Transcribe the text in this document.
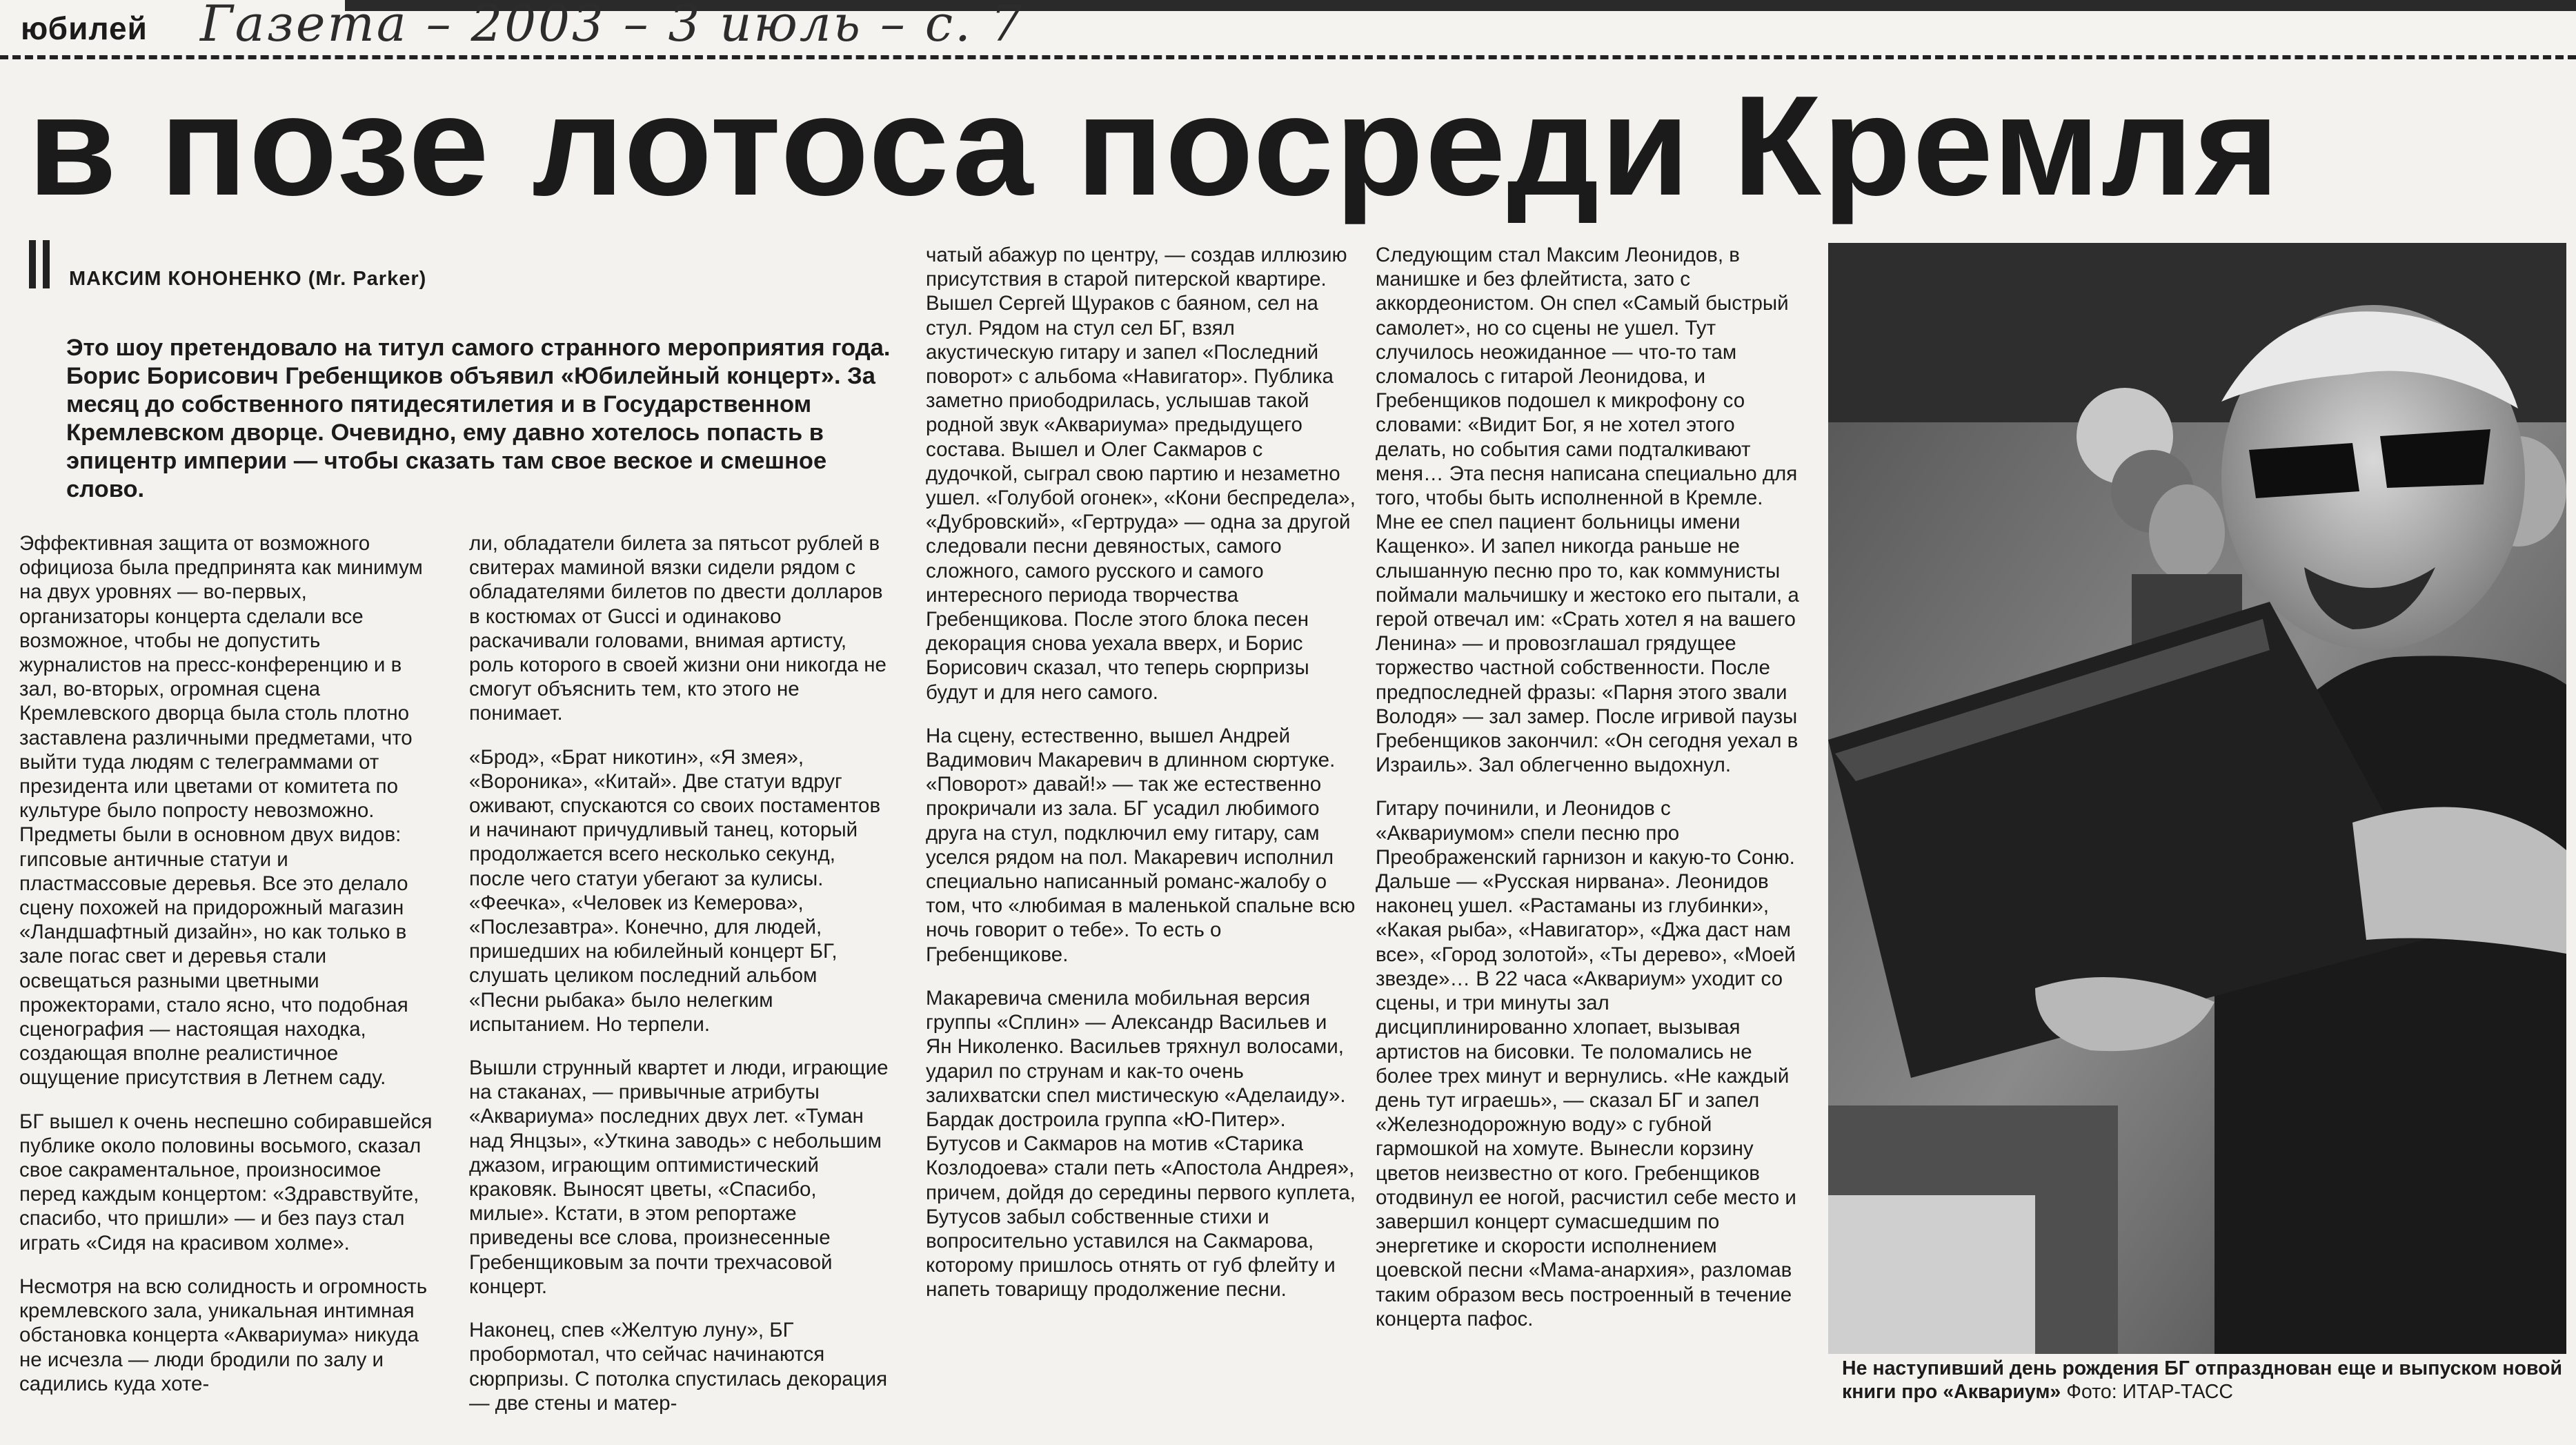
юбилей Газета – 2003 – 3 июль – с. 7
в позе лотоса посреди Кремля
МАКСИМ КОНОНЕНКО (Mr. Parker)
Это шоу претендовало на титул самого странного мероприятия года. Борис Борисович Гребенщиков объявил «Юбилейный концерт». За месяц до собственного пятидесятилетия и в Государственном Кремлевском дворце. Очевидно, ему давно хотелось попасть в эпицентр империи — чтобы сказать там свое веское и смешное слово.

Эффективная защита от возможного официоза была предпринята как минимум на двух уровнях — во-первых, организаторы концерта сделали все возможное, чтобы не допустить журналистов на пресс-конференцию и в зал, во-вторых, огромная сцена Кремлевского дворца была столь плотно заставлена различными предметами, что выйти туда людям с телеграммами от президента или цветами от комитета по культуре было попросту невозможно. Предметы были в основном двух видов: гипсовые античные статуи и пластмассовые деревья. Все это делало сцену похожей на придорожный магазин «Ландшафтный дизайн», но как только в зале погас свет и деревья стали освещаться разными цветными прожекторами, стало ясно, что подобная сценография — настоящая находка, создающая вполне реалистичное ощущение присутствия в Летнем саду.

БГ вышел к очень неспешно собиравшейся публике около половины восьмого, сказал свое сакраментальное, произносимое перед каждым концертом: «Здравствуйте, спасибо, что пришли» — и без пауз стал играть «Сидя на красивом холме».

Несмотря на всю солидность и огромность кремлевского зала, уникальная интимная обстановка концерта «Аквариума» никуда не исчезла — люди бродили по залу и садились куда хоте-

ли, обладатели билета за пятьсот рублей в свитерах маминой вязки сидели рядом с обладателями билетов по двести долларов в костюмах от Gucci и одинаково раскачивали головами, внимая артисту, роль которого в своей жизни они никогда не смогут объяснить тем, кто этого не понимает.

«Брод», «Брат никотин», «Я змея», «Вороника», «Китай». Две статуи вдруг оживают, спускаются со своих постаментов и начинают причудливый танец, который продолжается всего несколько секунд, после чего статуи убегают за кулисы. «Феечка», «Человек из Кемерова», «Послезавтра». Конечно, для людей, пришедших на юбилейный концерт БГ, слушать целиком последний альбом «Песни рыбака» было нелегким испытанием. Но терпели.

Вышли струнный квартет и люди, играющие на стаканах, — привычные атрибуты «Аквариума» последних двух лет. «Туман над Янцзы», «Уткина заводь» с небольшим джазом, играющим оптимистический краковяк. Выносят цветы, «Спасибо, милые». Кстати, в этом репортаже приведены все слова, произнесенные Гребенщиковым за почти трехчасовой концерт.

Наконец, спев «Желтую луну», БГ пробормотал, что сейчас начинаются сюрпризы. С потолка спустилась декорация — две стены и матер-

чатый абажур по центру, — создав иллюзию присутствия в старой питерской квартире. Вышел Сергей Щураков с баяном, сел на стул. Рядом на стул сел БГ, взял акустическую гитару и запел «Последний поворот» с альбома «Навигатор». Публика заметно приободрилась, услышав такой родной звук «Аквариума» предыдущего состава. Вышел и Олег Сакмаров с дудочкой, сыграл свою партию и незаметно ушел. «Голубой огонек», «Кони беспредела», «Дубровский», «Гертруда» — одна за другой следовали песни девяностых, самого сложного, самого русского и самого интересного периода творчества Гребенщикова. После этого блока песен декорация снова уехала вверх, и Борис Борисович сказал, что теперь сюрпризы будут и для него самого.

На сцену, естественно, вышел Андрей Вадимович Макаревич в длинном сюртуке. «Поворот» давай!» — так же естественно прокричали из зала. БГ усадил любимого друга на стул, подключил ему гитару, сам уселся рядом на пол. Макаревич исполнил специально написанный романс-жалобу о том, что «любимая в маленькой спальне всю ночь говорит о тебе». То есть о Гребенщикове.

Макаревича сменила мобильная версия группы «Сплин» — Александр Васильев и Ян Николенко. Васильев тряхнул волосами, ударил по струнам и как-то очень залихватски спел мистическую «Аделаиду». Бардак достроила группа «Ю-Питер». Бутусов и Сакмаров на мотив «Старика Козлодоева» стали петь «Апостола Андрея», причем, дойдя до середины первого куплета, Бутусов забыл собственные стихи и вопросительно уставился на Сакмарова, которому пришлось отнять от губ флейту и напеть товарищу продолжение песни.

Следующим стал Максим Леонидов, в манишке и без флейтиста, зато с аккордеонистом. Он спел «Самый быстрый самолет», но со сцены не ушел. Тут случилось неожиданное — что-то там сломалось с гитарой Леонидова, и Гребенщиков подошел к микрофону со словами: «Видит Бог, я не хотел этого делать, но события сами подталкивают меня… Эта песня написана специально для того, чтобы быть исполненной в Кремле. Мне ее спел пациент больницы имени Кащенко». И запел никогда раньше не слышанную песню про то, как коммунисты поймали мальчишку и жестоко его пытали, а герой отвечал им: «Срать хотел я на вашего Ленина» — и провозглашал грядущее торжество частной собственности. После предпоследней фразы: «Парня этого звали Володя» — зал замер. После игривой паузы Гребенщиков закончил: «Он сегодня уехал в Израиль». Зал облегченно выдохнул.

Гитару починили, и Леонидов с «Аквариумом» спели песню про Преображенский гарнизон и какую-то Соню. Дальше — «Русская нирвана». Леонидов наконец ушел. «Растаманы из глубинки», «Какая рыба», «Навигатор», «Джа даст нам все», «Город золотой», «Ты дерево», «Моей звезде»… В 22 часа «Аквариум» уходит со сцены, и три минуты зал дисциплинированно хлопает, вызывая артистов на бисовки. Те поломались не более трех минут и вернулись. «Не каждый день тут играешь», — сказал БГ и запел «Железнодорожную воду» с губной гармошкой на хомуте. Вынесли корзину цветов неизвестно от кого. Гребенщиков отодвинул ее ногой, расчистил себе место и завершил концерт сумасшедшим по энергетике и скорости исполнением цоевской песни «Мама-анархия», разломав таким образом весь построенный в течение концерта пафос.

Не наступивший день рождения БГ отпразднован еще и выпуском новой книги про «Аквариум» Фото: ИТАР-ТАСС
